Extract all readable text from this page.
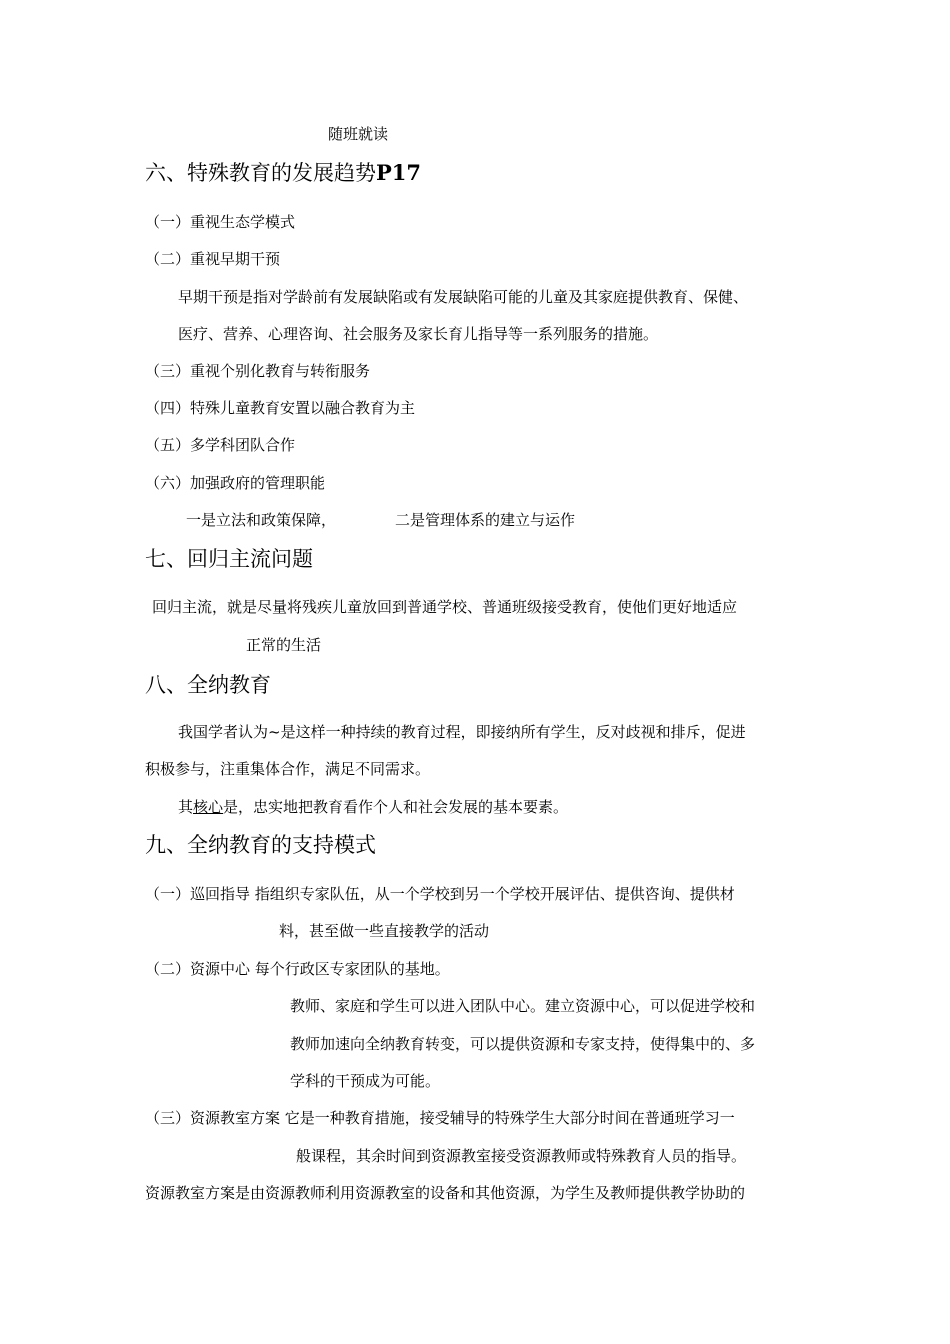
随班就读
六、特殊教育的发展趋势P17
（一）重视生态学模式
（二）重视早期干预
早期干预是指对学龄前有发展缺陷或有发展缺陷可能的儿童及其家庭提供教育、保健、
医疗、营养、心理咨询、社会服务及家长育儿指导等一系列服务的措施。
（三）重视个别化教育与转衔服务
（四）特殊儿童教育安置以融合教育为主
（五）多学科团队合作
（六）加强政府的管理职能
一是立法和政策保障，	二是管理体系的建立与运作
七、回归主流问题
回归主流，就是尽量将残疾儿童放回到普通学校、普通班级接受教育，使他们更好地适应
正常的生活
八、全纳教育
我国学者认为~是这样一种持续的教育过程，即接纳所有学生，反对歧视和排斥，促进
积极参与，注重集体合作，满足不同需求。
其核心是，忠实地把教育看作个人和社会发展的基本要素。
九、全纳教育的支持模式
（一）巡回指导 指组织专家队伍，从一个学校到另一个学校开展评估、提供咨询、提供材
料，甚至做一些直接教学的活动
（二）资源中心 每个行政区专家团队的基地。
教师、家庭和学生可以进入团队中心。建立资源中心，可以促进学校和
教师加速向全纳教育转变，可以提供资源和专家支持，使得集中的、多
学科的干预成为可能。
（三）资源教室方案 它是一种教育措施，接受辅导的特殊学生大部分时间在普通班学习一
般课程，其余时间到资源教室接受资源教师或特殊教育人员的指导。
资源教室方案是由资源教师利用资源教室的设备和其他资源，为学生及教师提供教学协助的
